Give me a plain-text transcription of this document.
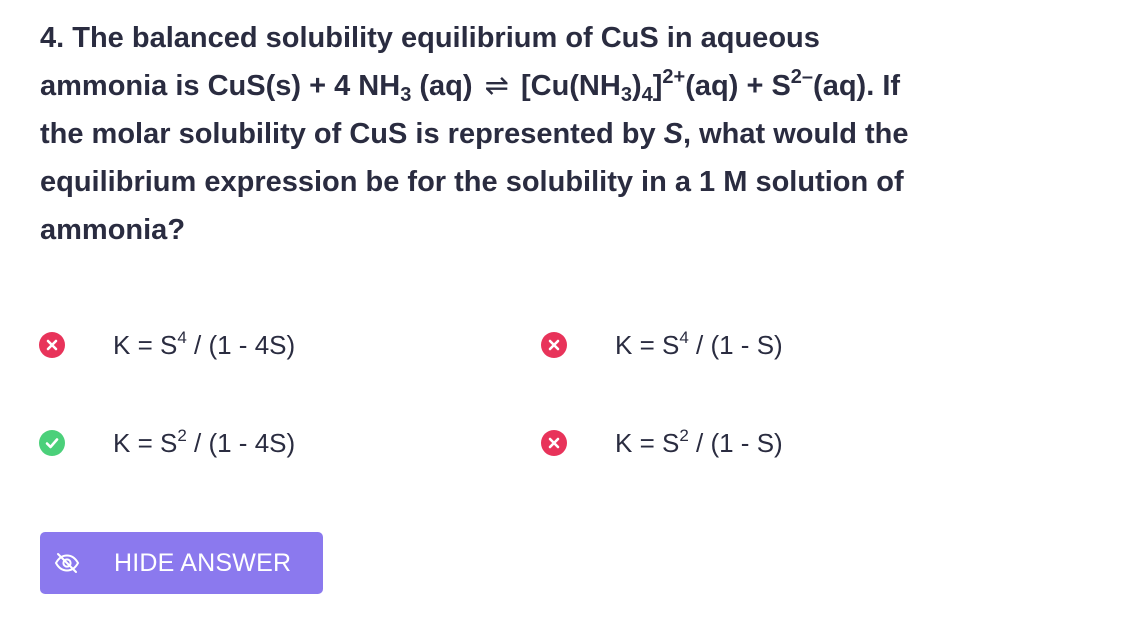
4. The balanced solubility equilibrium of CuS in aqueous
ammonia is CuS(s) + 4 $NH_3$ (aq) ⇌ $[Cu(NH_3)_4]^{2+}(aq) + S^{2-}(aq)$. If
the molar solubility of CuS is represented by S, what would the
equilibrium expression be for the solubility in a 1 M solution of
ammonia?
$K = S^4 / (1 - 4S)$	$K = S^4 / (1 - S)$
$K = S^2 / (1 - 4S)$	$K = S^2 / (1 - S)$
HIDE ANSWER
